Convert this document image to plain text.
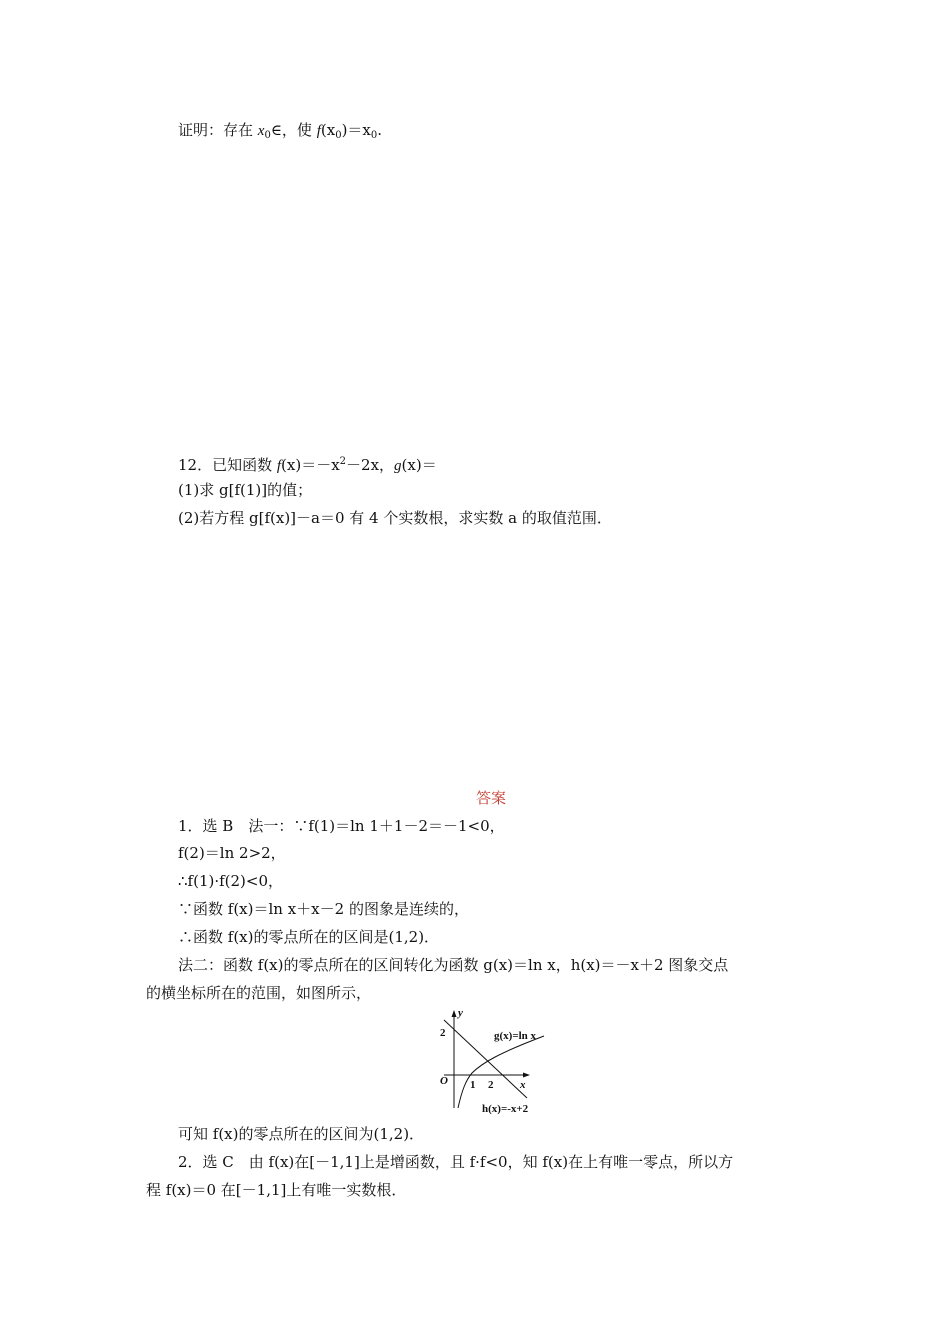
证明：存在 $x_0\in$，使 $f(x_0)=x_0$.
12．已知函数 $f(x)=-x^2-2x$，g(x)＝
(1)求 g[f(1)]的值；
(2)若方程 g[f(x)]－a＝0 有 4 个实数根，求实数 a 的取值范围．
答案
1．选 B　法一：∵f(1)＝ln 1＋1－2＝－1<0，
f(2)＝ln 2>2，
∴f(1)·f(2)<0，
∵函数 f(x)＝ln x＋x－2 的图象是连续的，
∴函数 f(x)的零点所在的区间是(1,2)．
法二：函数 f(x)的零点所在的区间转化为函数 g(x)＝ln x，h(x)＝－x＋2 图象交点
的横坐标所在的范围，如图所示，
y
x
O
2
1 2
g(x)=ln x
h(x)=-x+2
可知 f(x)的零点所在的区间为(1,2)．
2．选 C　由 f(x)在[－1,1]上是增函数，且 f·f<0，知 f(x)在上有唯一零点，所以方
程 f(x)＝0 在[－1,1]上有唯一实数根．
